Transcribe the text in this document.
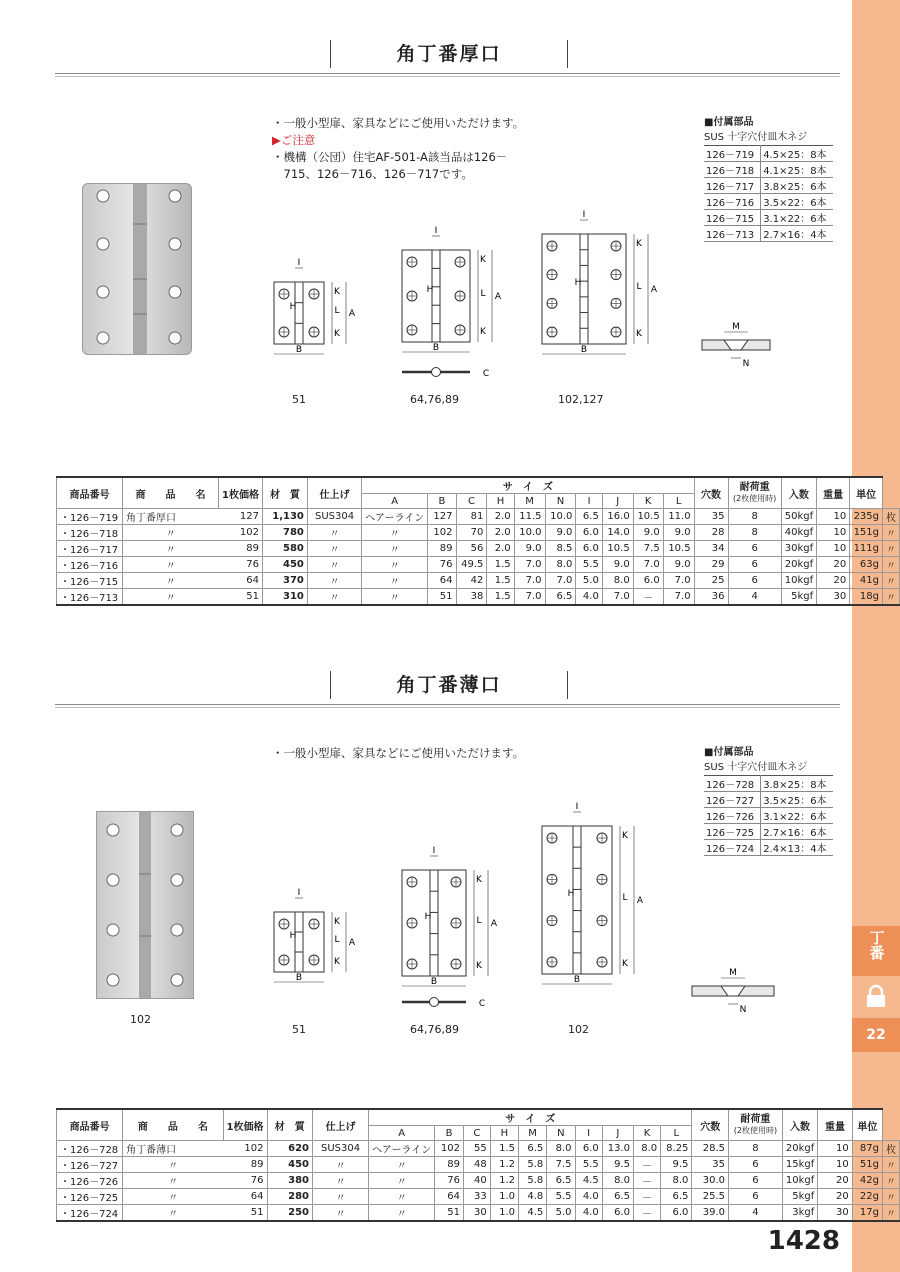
丁番
22
角丁番厚口
・一般小型扉、家具などにご使用いただけます。
▶ご注意
・機構（公団）住宅AF-501-A該当品は126－
　715、126－716、126－717です。
■付属部品
SUS 十字穴付皿木ネジ
126－719	4.5×25：8本
126－718	4.1×25：8本
126－717	3.8×25：6本
126－716	3.5×22：6本
126－715	3.1×22：6本
126－713	2.7×16：4本
B
A
K
L
K
H
I
B
A
K
L
K
H
I
C
B
A
K
L
K
H
I
M
N
51	64,76,89	102,127
商品番号	商　　品　　名	1枚価格	材　質	仕上げ	サ　イ　ズ										穴数	耐荷重
(2枚使用時)	入数	重量	単位	
					A	B	C	H	M	N	I	J	K	L						
・126－719	角丁番厚口	127	1,130	SUS304	ヘアーライン	127	81	2.0	11.5	10.0	6.5	16.0	10.5	11.0	35	8	50kgf	10	235g	枚
・126－718	〃	102	780	〃	〃	102	70	2.0	10.0	9.0	6.0	14.0	9.0	9.0	28	8	40kgf	10	151g	〃
・126－717	〃	89	580	〃	〃	89	56	2.0	9.0	8.5	6.0	10.5	7.5	10.5	34	6	30kgf	10	111g	〃
・126－716	〃	76	450	〃	〃	76	49.5	1.5	7.0	8.0	5.5	9.0	7.0	9.0	29	6	20kgf	20	63g	〃
・126－715	〃	64	370	〃	〃	64	42	1.5	7.0	7.0	5.0	8.0	6.0	7.0	25	6	10kgf	20	41g	〃
・126－713	〃	51	310	〃	〃	51	38	1.5	7.0	6.5	4.0	7.0	－	7.0	36	4	5kgf	30	18g	〃
角丁番薄口
102
・一般小型扉、家具などにご使用いただけます。	■付属部品
SUS 十字穴付皿木ネジ
126－728	3.8×25：8本
126－727	3.5×25：6本
126－726	3.1×22：6本
126－725	2.7×16：6本
126－724	2.4×13：4本
B
A
K
L
K
H
I
B
A
K
L
K
H
I
C
B
A
K
L
K
H
I
M
N
51	64,76,89	102
商品番号	商　　品　　名	1枚価格	材　質	仕上げ	サ　イ　ズ										穴数	耐荷重
(2枚使用時)	入数	重量	単位	
					A	B	C	H	M	N	I	J	K	L						
・126－728	角丁番薄口	102	620	SUS304	ヘアーライン	102	55	1.5	6.5	8.0	6.0	13.0	8.0	8.25	28.5	8	20kgf	10	87g	枚
・126－727	〃	89	450	〃	〃	89	48	1.2	5.8	7.5	5.5	9.5	－	9.5	35	6	15kgf	10	51g	〃
・126－726	〃	76	380	〃	〃	76	40	1.2	5.8	6.5	4.5	8.0	－	8.0	30.0	6	10kgf	20	42g	〃
・126－725	〃	64	280	〃	〃	64	33	1.0	4.8	5.5	4.0	6.5	－	6.5	25.5	6	5kgf	20	22g	〃
・126－724	〃	51	250	〃	〃	51	30	1.0	4.5	5.0	4.0	6.0	－	6.0	39.0	4	3kgf	30	17g	〃
1428
